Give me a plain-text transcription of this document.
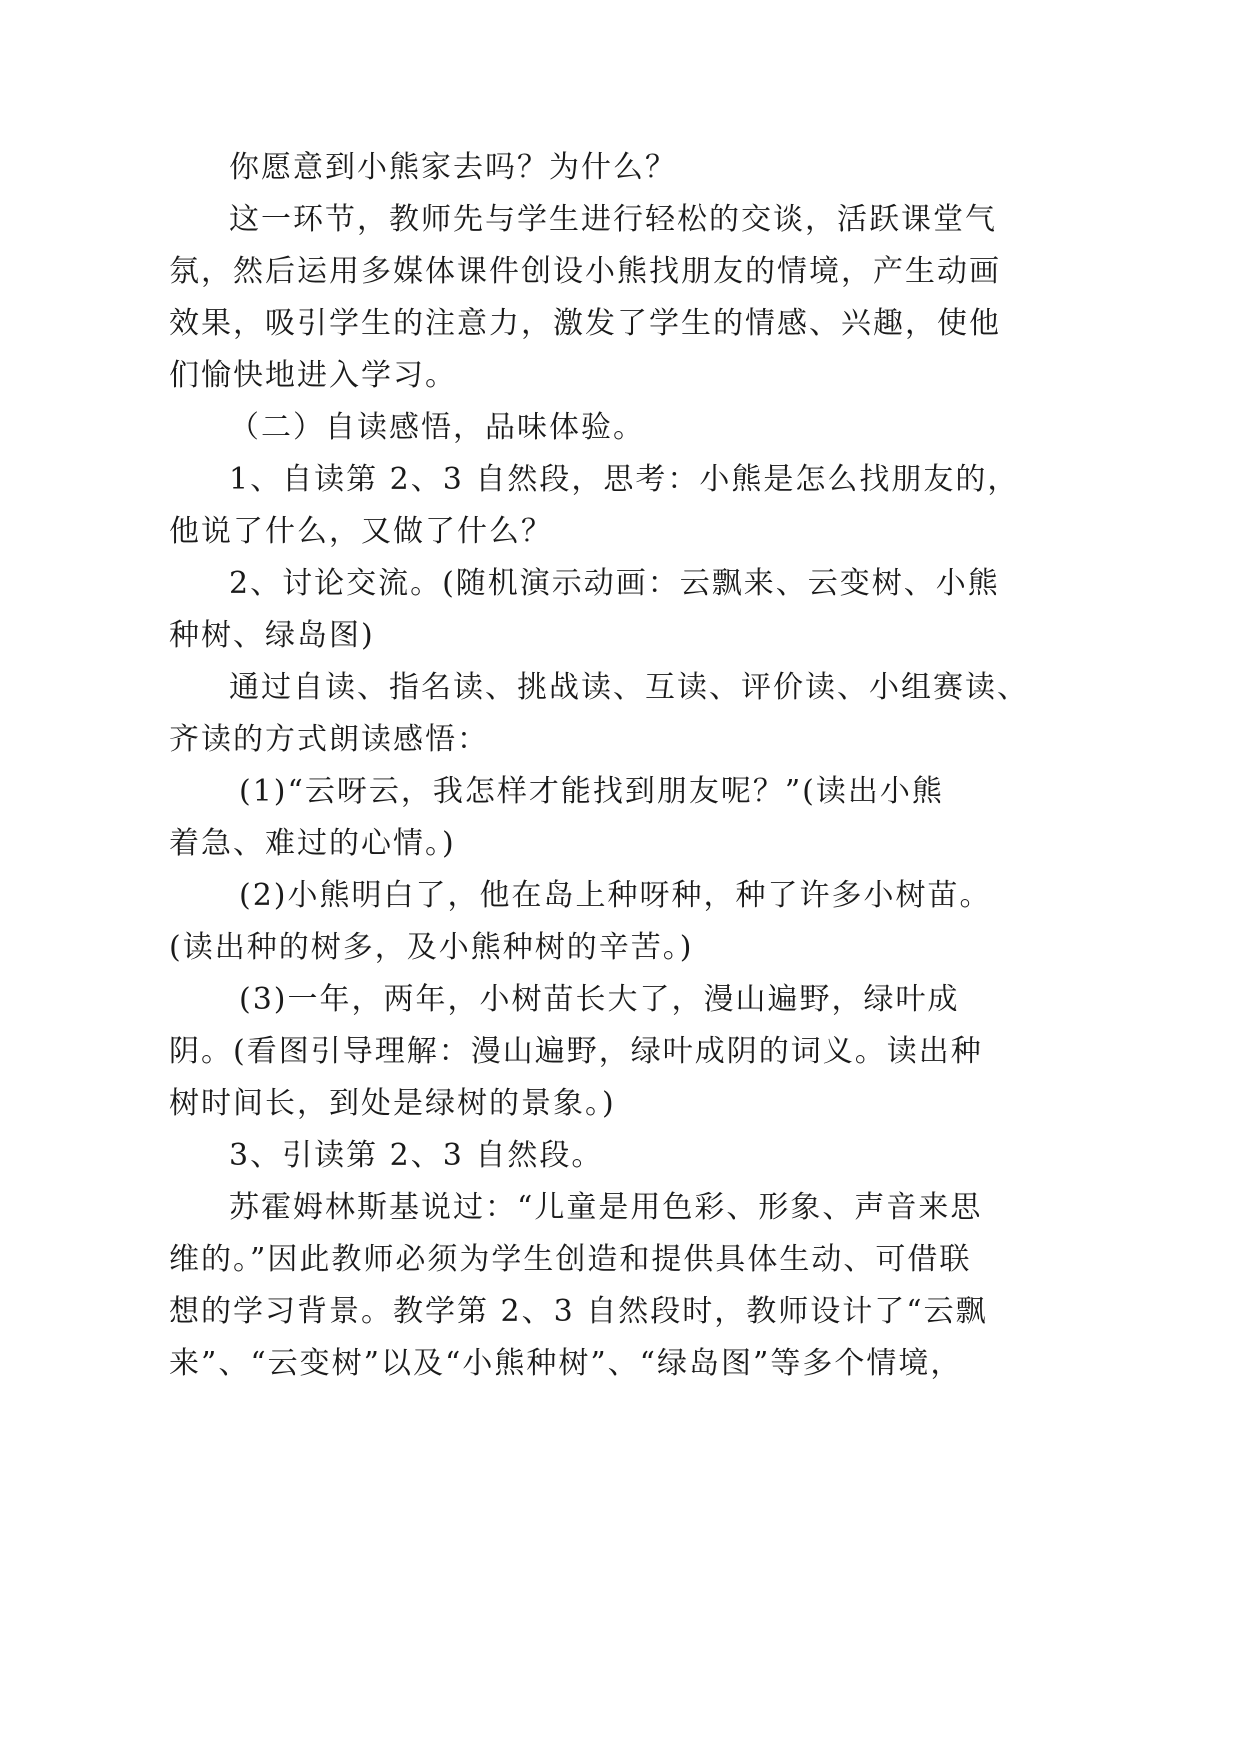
你愿意到小熊家去吗？为什么？
这一环节，教师先与学生进行轻松的交谈，活跃课堂气
氛，然后运用多媒体课件创设小熊找朋友的情境，产生动画
效果，吸引学生的注意力，激发了学生的情感、兴趣，使他
们愉快地进入学习。
（二）自读感悟，品味体验。
1、自读第 2、3 自然段，思考：小熊是怎么找朋友的，
他说了什么，又做了什么？
2、讨论交流。(随机演示动画：云飘来、云变树、小熊
种树、绿岛图)
通过自读、指名读、挑战读、互读、评价读、小组赛读、
齐读的方式朗读感悟：
(1)“云呀云，我怎样才能找到朋友呢？”(读出小熊
着急、难过的心情。)
(2)小熊明白了，他在岛上种呀种，种了许多小树苗。
(读出种的树多，及小熊种树的辛苦。)
(3)一年，两年，小树苗长大了，漫山遍野，绿叶成
阴。(看图引导理解：漫山遍野，绿叶成阴的词义。读出种
树时间长，到处是绿树的景象。)
3、引读第 2、3 自然段。
苏霍姆林斯基说过：“儿童是用色彩、形象、声音来思
维的。”因此教师必须为学生创造和提供具体生动、可借联
想的学习背景。教学第 2、3 自然段时，教师设计了“云飘
来”、“云变树”以及“小熊种树”、“绿岛图”等多个情境，
